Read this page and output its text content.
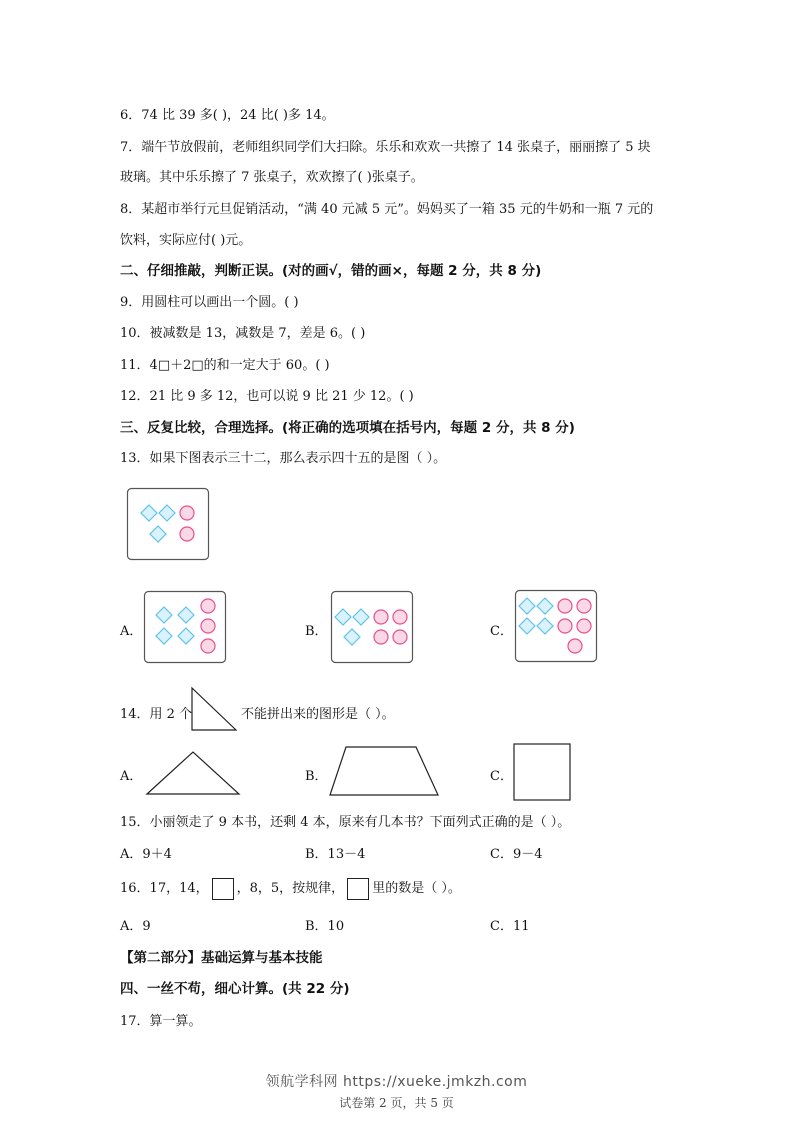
6．74 比 39 多( )，24 比( )多 14。
7．端午节放假前，老师组织同学们大扫除。乐乐和欢欢一共擦了 14 张桌子，丽丽擦了 5 块
玻璃。其中乐乐擦了 7 张桌子，欢欢擦了( )张桌子。
8．某超市举行元旦促销活动，“满 40 元减 5 元”。妈妈买了一箱 35 元的牛奶和一瓶 7 元的
饮料，实际应付( )元。
二、仔细推敲，判断正误。(对的画√，错的画×，每题 2 分，共 8 分)
9．用圆柱可以画出一个圆。( )
10．被减数是 13，减数是 7，差是 6。( )
11．4□＋2□的和一定大于 60。( )
12．21 比 9 多 12，也可以说 9 比 21 少 12。( )
三、反复比较，合理选择。(将正确的选项填在括号内，每题 2 分，共 8 分)
13．如果下图表示三十二，那么表示四十五的是图（ ）。
A．	B．	C．
14．用 2 个	不能拼出来的图形是（ ）。
A．	B．	C．
15．小丽领走了 9 本书，还剩 4 本，原来有几本书？下面列式正确的是（ ）。
A．9＋4	B．13－4	C．9－4
16．17，14， ，8，5，按规律， 里的数是（ ）。
A．9	B．10	C．11
【第二部分】基础运算与基本技能
四、一丝不苟，细心计算。(共 22 分)
17．算一算。
领航学科网 https://xueke.jmkzh.com
试卷第 2 页，共 5 页
